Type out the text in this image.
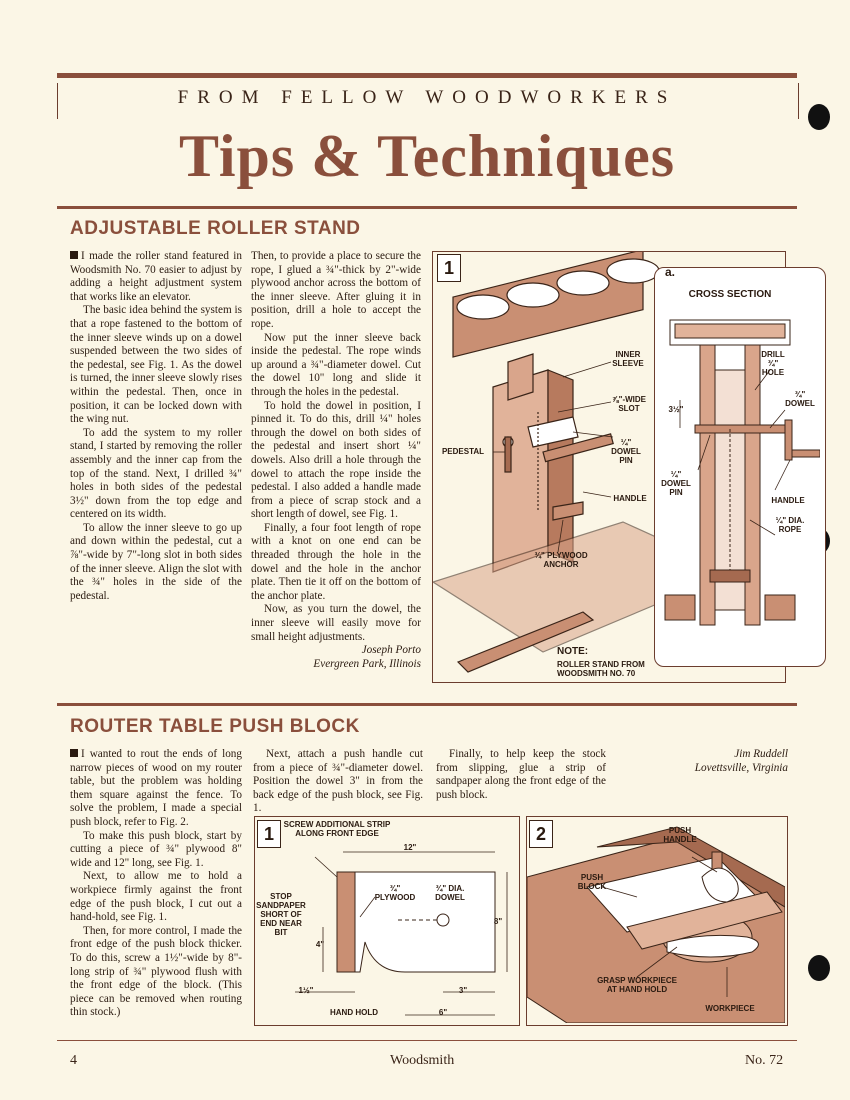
FROM FELLOW WOODWORKERS
Tips & Techniques
ADJUSTABLE ROLLER STAND

I made the roller stand featured in Woodsmith No. 70 easier to adjust by adding a height adjustment system that works like an elevator.

The basic idea behind the system is that a rope fastened to the bottom of the inner sleeve winds up on a dowel suspended between the two sides of the pedestal, see Fig. 1. As the dowel is turned, the inner sleeve slowly rises within the pedestal. Then, once in position, it can be locked down with the wing nut.

To add the system to my roller stand, I started by removing the roller assembly and the inner cap from the top of the stand. Next, I drilled ¾" holes in both sides of the pedestal 3½" down from the top edge and centered on its width.

To allow the inner sleeve to go up and down within the pedestal, cut a ⅞"-wide by 7"-long slot in both sides of the inner sleeve. Align the slot with the ¾" holes in the side of the pedestal.

Then, to provide a place to secure the rope, I glued a ¾"-thick by 2"-wide plywood anchor across the bottom of the inner sleeve. After gluing it in position, drill a hole to accept the rope.

Now put the inner sleeve back inside the pedestal. The rope winds up around a ¾"-diameter dowel. Cut the dowel 10" long and slide it through the holes in the pedestal.

To hold the dowel in position, I pinned it. To do this, drill ¼" holes through the dowel on both sides of the pedestal and insert short ¼" dowels. Also drill a hole through the dowel to attach the rope inside the pedestal. I also added a handle made from a piece of scrap stock and a short length of dowel, see Fig. 1.

Finally, a four foot length of rope with a knot on one end can be threaded through the hole in the dowel and the hole in the anchor plate. Then tie it off on the bottom of the anchor plate.

Now, as you turn the dowel, the inner sleeve will easily move for small height adjustments.

Joseph Porto

Evergreen Park, Illinois

1
INNER SLEEVE
⅞"-WIDE SLOT
¼" DOWEL PIN
PEDESTAL
HANDLE
¾" PLYWOOD ANCHOR
NOTE:
ROLLER STAND FROM WOODSMITH NO. 70
a.
CROSS SECTION
DRILL ¾" HOLE
¾" DOWEL
3½"
¼" DOWEL PIN
HANDLE
¼" DIA. ROPE
ROUTER TABLE PUSH BLOCK

I wanted to rout the ends of long narrow pieces of wood on my router table, but the problem was holding them square against the fence. To solve the problem, I made a special push block, refer to Fig. 2.

To make this push block, start by cutting a piece of ¾" plywood 8" wide and 12" long, see Fig. 1.

Next, to allow me to hold a workpiece firmly against the front edge of the push block, I cut out a hand-hold, see Fig. 1.

Then, for more control, I made the front edge of the push block thicker. To do this, screw a 1½"-wide by 8"-long strip of ¾" plywood flush with the front edge of the block. (This piece can be removed when routing thin stock.)

Next, attach a push handle cut from a piece of ¾"-diameter dowel. Position the dowel 3" in from the back edge of the push block, see Fig. 1.

Finally, to help keep the stock from slipping, glue a strip of sandpaper along the front edge of the push block.

Jim Ruddell

Lovettsville, Virginia

1	SCREW ADDITIONAL STRIP ALONG FRONT EDGE
12"
STOP SANDPAPER SHORT OF END NEAR BIT
¾" PLYWOOD
¾" DIA. DOWEL
8"
4"
1½"	3"
HAND HOLD	6"
2	PUSH HANDLE
PUSH BLOCK
GRASP WORKPIECE AT HAND HOLD
WORKPIECE
4	Woodsmith	No. 72
